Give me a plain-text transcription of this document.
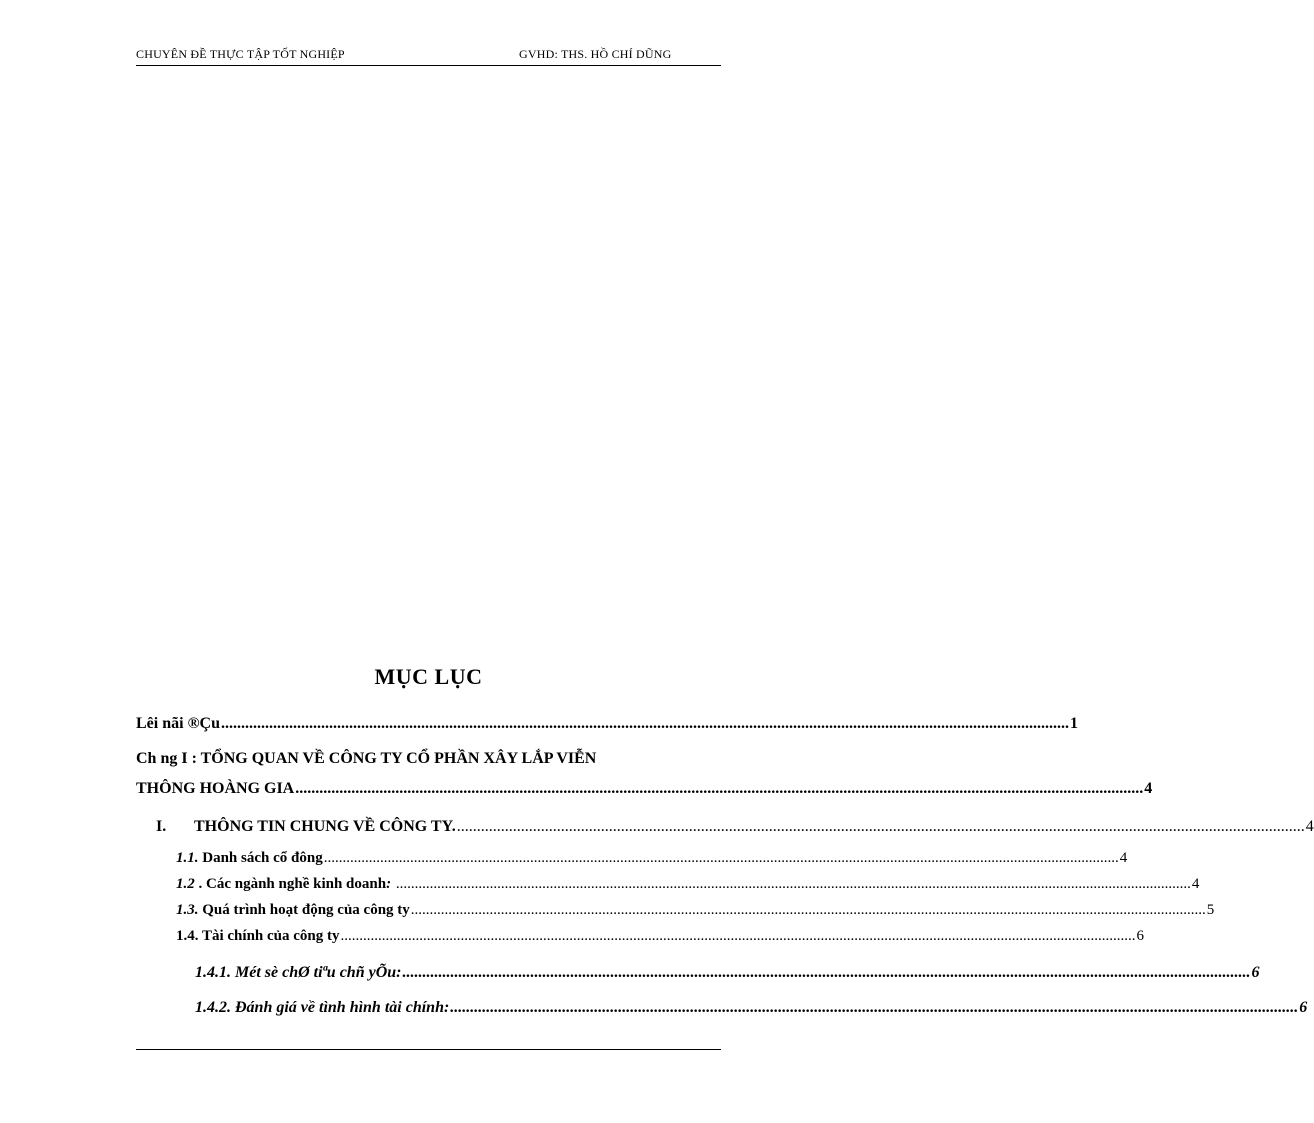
CHUYÊN ĐỀ THỰC TẬP TỐT NGHIỆP	GVHD: THS. HỒ CHÍ DŨNG
MỤC LỤC
Lêi nãi ®Çu .................................................................................................................................................................................................................... 1
Ch ng I : TỔNG QUAN VỀ CÔNG TY CỔ PHẦN XÂY LẮP VIỄN
THÔNG HOÀNG GIA .................................................................................................................................................................................................................... 4
I. THÔNG TIN CHUNG VỀ CÔNG TY. .................................................................................................................................................................................................................... 4
1.1. Danh sách cổ đông .................................................................................................................................................................................................................... 4
1.2 . Các ngành nghề kinh doanh: .................................................................................................................................................................................................................... 4
1.3. Quá trình hoạt động của công ty .................................................................................................................................................................................................................... 5
1.4. Tài chính của công ty .................................................................................................................................................................................................................... 6
1.4.1. Mét sè chØ tiªu chñ yÕu: .................................................................................................................................................................................................................... 6
1.4.2. Đánh giá về tình hình tài chính: .................................................................................................................................................................................................................... 6
